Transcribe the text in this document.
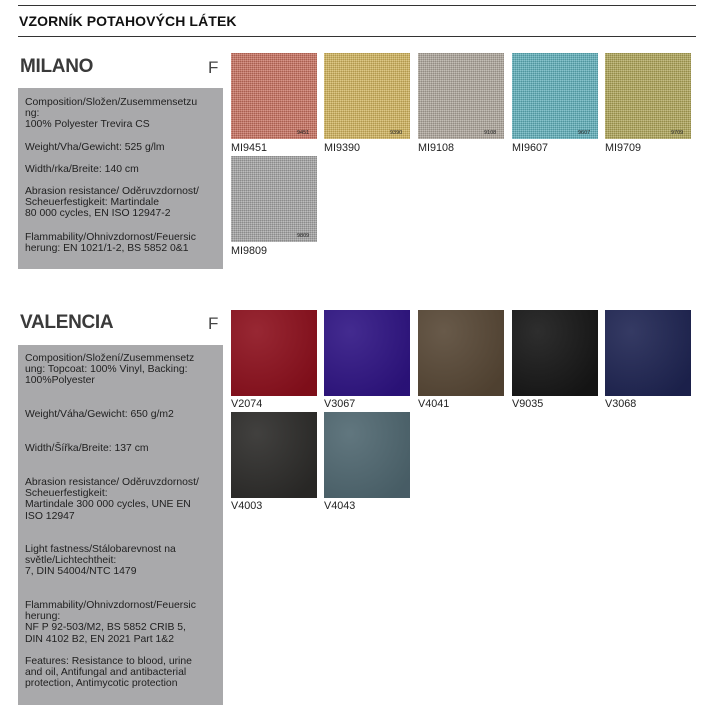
VZORNÍK POTAHOVÝCH LÁTEK
MILANO	F
Composition/Složen/Zusemmensetzu
ng:
100% Polyester Trevira CS
Weight/Vha/Gewicht: 525 g/lm
Width/rka/Breite: 140 cm
Abrasion resistance/ Oděruvzdornost/
Scheuerfestigkeit: Martindale
80 000 cycles, EN ISO 12947-2
Flammability/Ohnivzdornost/Feuersic
herung: EN 1021/1-2, BS 5852 0&1
9451
MI9451
9390
MI9390
9108
MI9108
9607
MI9607
9709
MI9709
9809
MI9809
VALENCIA	F
Composition/Složení/Zusemmensetz
ung: Topcoat: 100% Vinyl, Backing:
100%Polyester
Weight/Váha/Gewicht: 650 g/m2
Width/Šířka/Breite: 137 cm
Abrasion resistance/ Oděruvzdornost/
Scheuerfestigkeit:
Martindale 300 000 cycles, UNE EN
ISO 12947
Light fastness/Stálobarevnost na
světle/Lichtechtheit:
7, DIN 54004/NTC 1479
Flammability/Ohnivzdornost/Feuersic
herung:
NF P 92-503/M2, BS 5852 CRIB 5,
DIN 4102 B2, EN 2021 Part 1&2
Features: Resistance to blood, urine
and oil, Antifungal and antibacterial
protection, Antimycotic protection
V2074	V3067	V4041	V9035	V3068
V4003	V4043
